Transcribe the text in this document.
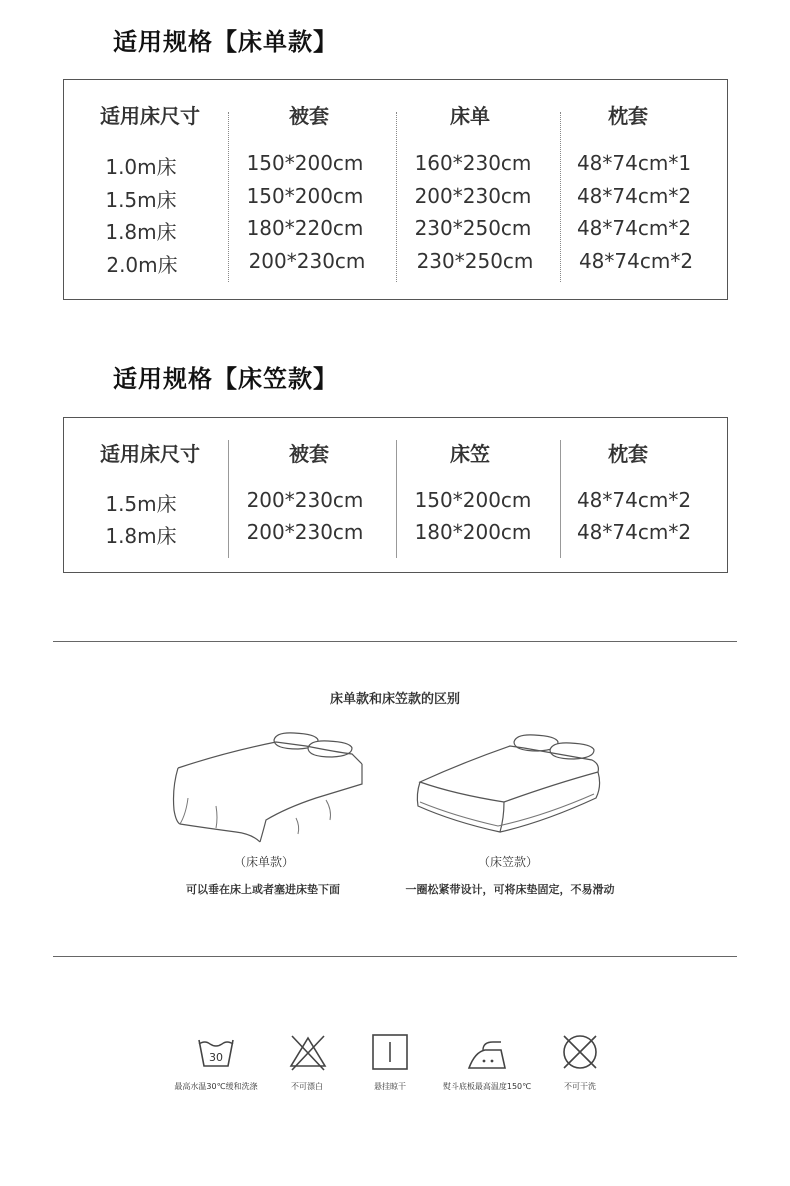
适用规格【床单款】
适用床尺寸	被套	床单	枕套
1.0m床	150*200cm	160*230cm 48*74cm*1
1.5m床	150*200cm	200*230cm 48*74cm*2
1.8m床	180*220cm	230*250cm 48*74cm*2
2.0m床	200*230cm	230*250cm 48*74cm*2
适用规格【床笠款】
适用床尺寸	被套	床笠	枕套
1.5m床	200*230cm	150*200cm 48*74cm*2
1.8m床	200*230cm	180*200cm 48*74cm*2
床单款和床笠款的区别
（床单款）
可以垂在床上或者塞进床垫下面
（床笠款）
一圈松紧带设计，可将床垫固定，不易滑动
30
最高水温30℃缓和洗涤	不可漂白	悬挂晾干	熨斗底板最高温度150℃	不可干洗
